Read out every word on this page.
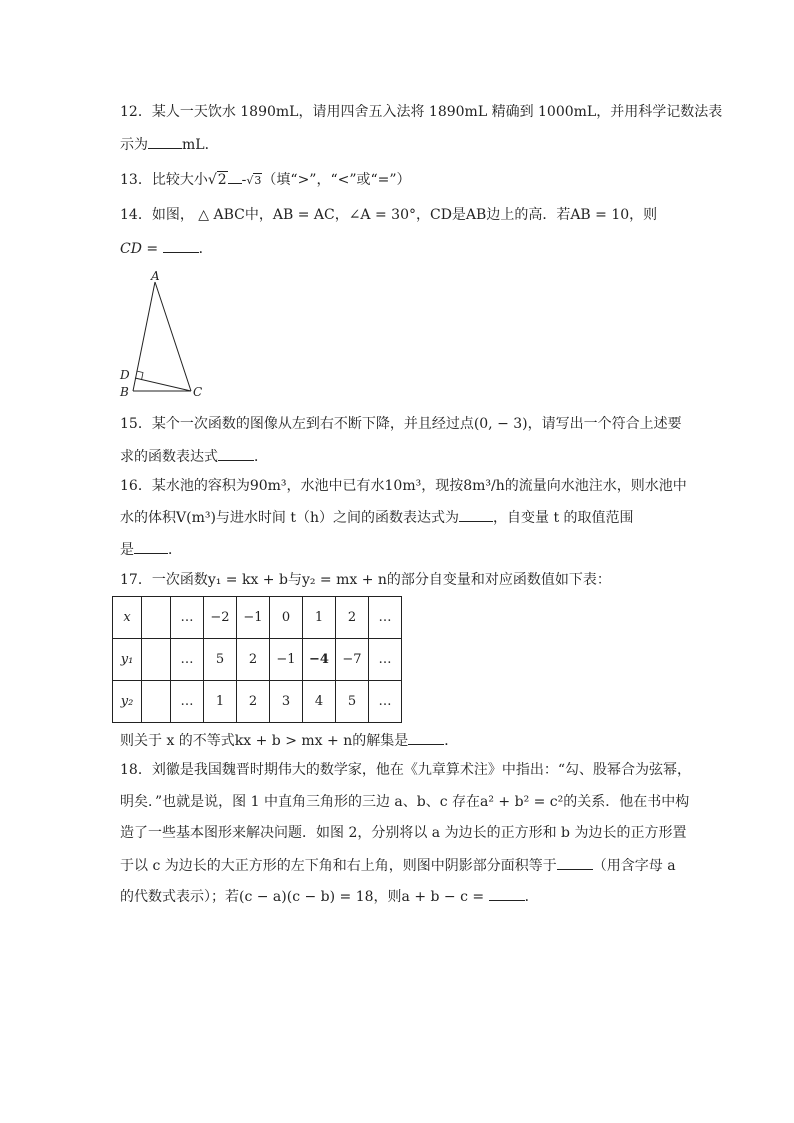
12．某人一天饮水 1890mL，请用四舍五入法将 1890mL 精确到 1000mL，并用科学记数法表
示为 mL．
13．比较大小√2 -√3（填“>”，“<”或“=”）
14．如图， △ ABC中，AB = AC，∠A = 30°，CD是AB边上的高．若AB = 10，则
CD =	．
A
B	C
D
15．某个一次函数的图像从左到右不断下降，并且经过点(0, − 3)，请写出一个符合上述要
求的函数表达式	．
16．某水池的容积为90m³，水池中已有水10m³，现按8m³/h的流量向水池注水，则水池中
水的体积V(m³)与进水时间 t（h）之间的函数表达式为 ，自变量 t 的取值范围
是 ．
17．一次函数y₁ = kx + b与y₂ = mx + n的部分自变量和对应函数值如下表：
x		…	−2	−1	0	1	2	…
y₁		…	5	2	−1	−4	−7	…
y₂		…	1	2	3	4	5	…
则关于 x 的不等式kx + b > mx + n的解集是	．
18．刘徽是我国魏晋时期伟大的数学家，他在《九章算术注》中指出：“勾、股幂合为弦幂，
明矣．”也就是说，图 1 中直角三角形的三边 a、b、c 存在a² + b² = c²的关系．他在书中构
造了一些基本图形来解决问题．如图 2，分别将以 a 为边长的正方形和 b 为边长的正方形置
于以 c 为边长的大正方形的左下角和右上角，则图中阴影部分面积等于	（用含字母 a
的代数式表示）；若(c − a)(c − b) = 18，则a + b − c =	．
